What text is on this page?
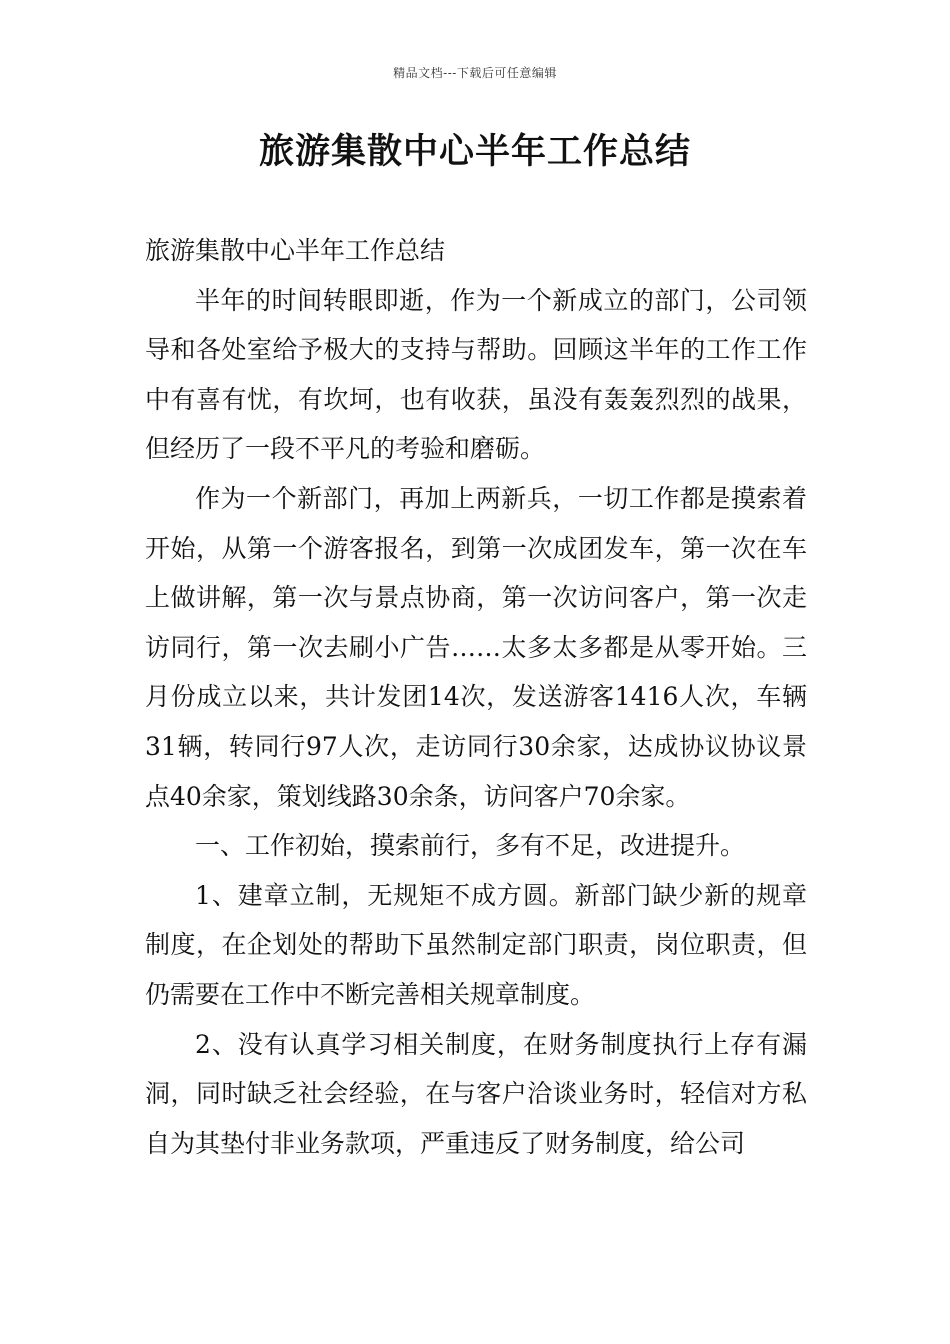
精品文档---下载后可任意编辑
旅游集散中心半年工作总结

旅游集散中心半年工作总结

半年的时间转眼即逝，作为一个新成立的部门，公司领导和各处室给予极大的支持与帮助。回顾这半年的工作工作中有喜有忧，有坎坷，也有收获，虽没有轰轰烈烈的战果，但经历了一段不平凡的考验和磨砺。

作为一个新部门，再加上两新兵，一切工作都是摸索着开始，从第一个游客报名，到第一次成团发车，第一次在车上做讲解，第一次与景点协商，第一次访问客户，第一次走访同行，第一次去刷小广告……太多太多都是从零开始。三月份成立以来，共计发团14次，发送游客1416人次，车辆31辆，转同行97人次，走访同行30余家，达成协议协议景点40余家，策划线路30余条，访问客户70余家。

一、工作初始，摸索前行，多有不足，改进提升。

1、建章立制，无规矩不成方圆。新部门缺少新的规章制度，在企划处的帮助下虽然制定部门职责，岗位职责，但仍需要在工作中不断完善相关规章制度。

2、没有认真学习相关制度，在财务制度执行上存有漏洞，同时缺乏社会经验，在与客户洽谈业务时，轻信对方私自为其垫付非业务款项，严重违反了财务制度，给公司
